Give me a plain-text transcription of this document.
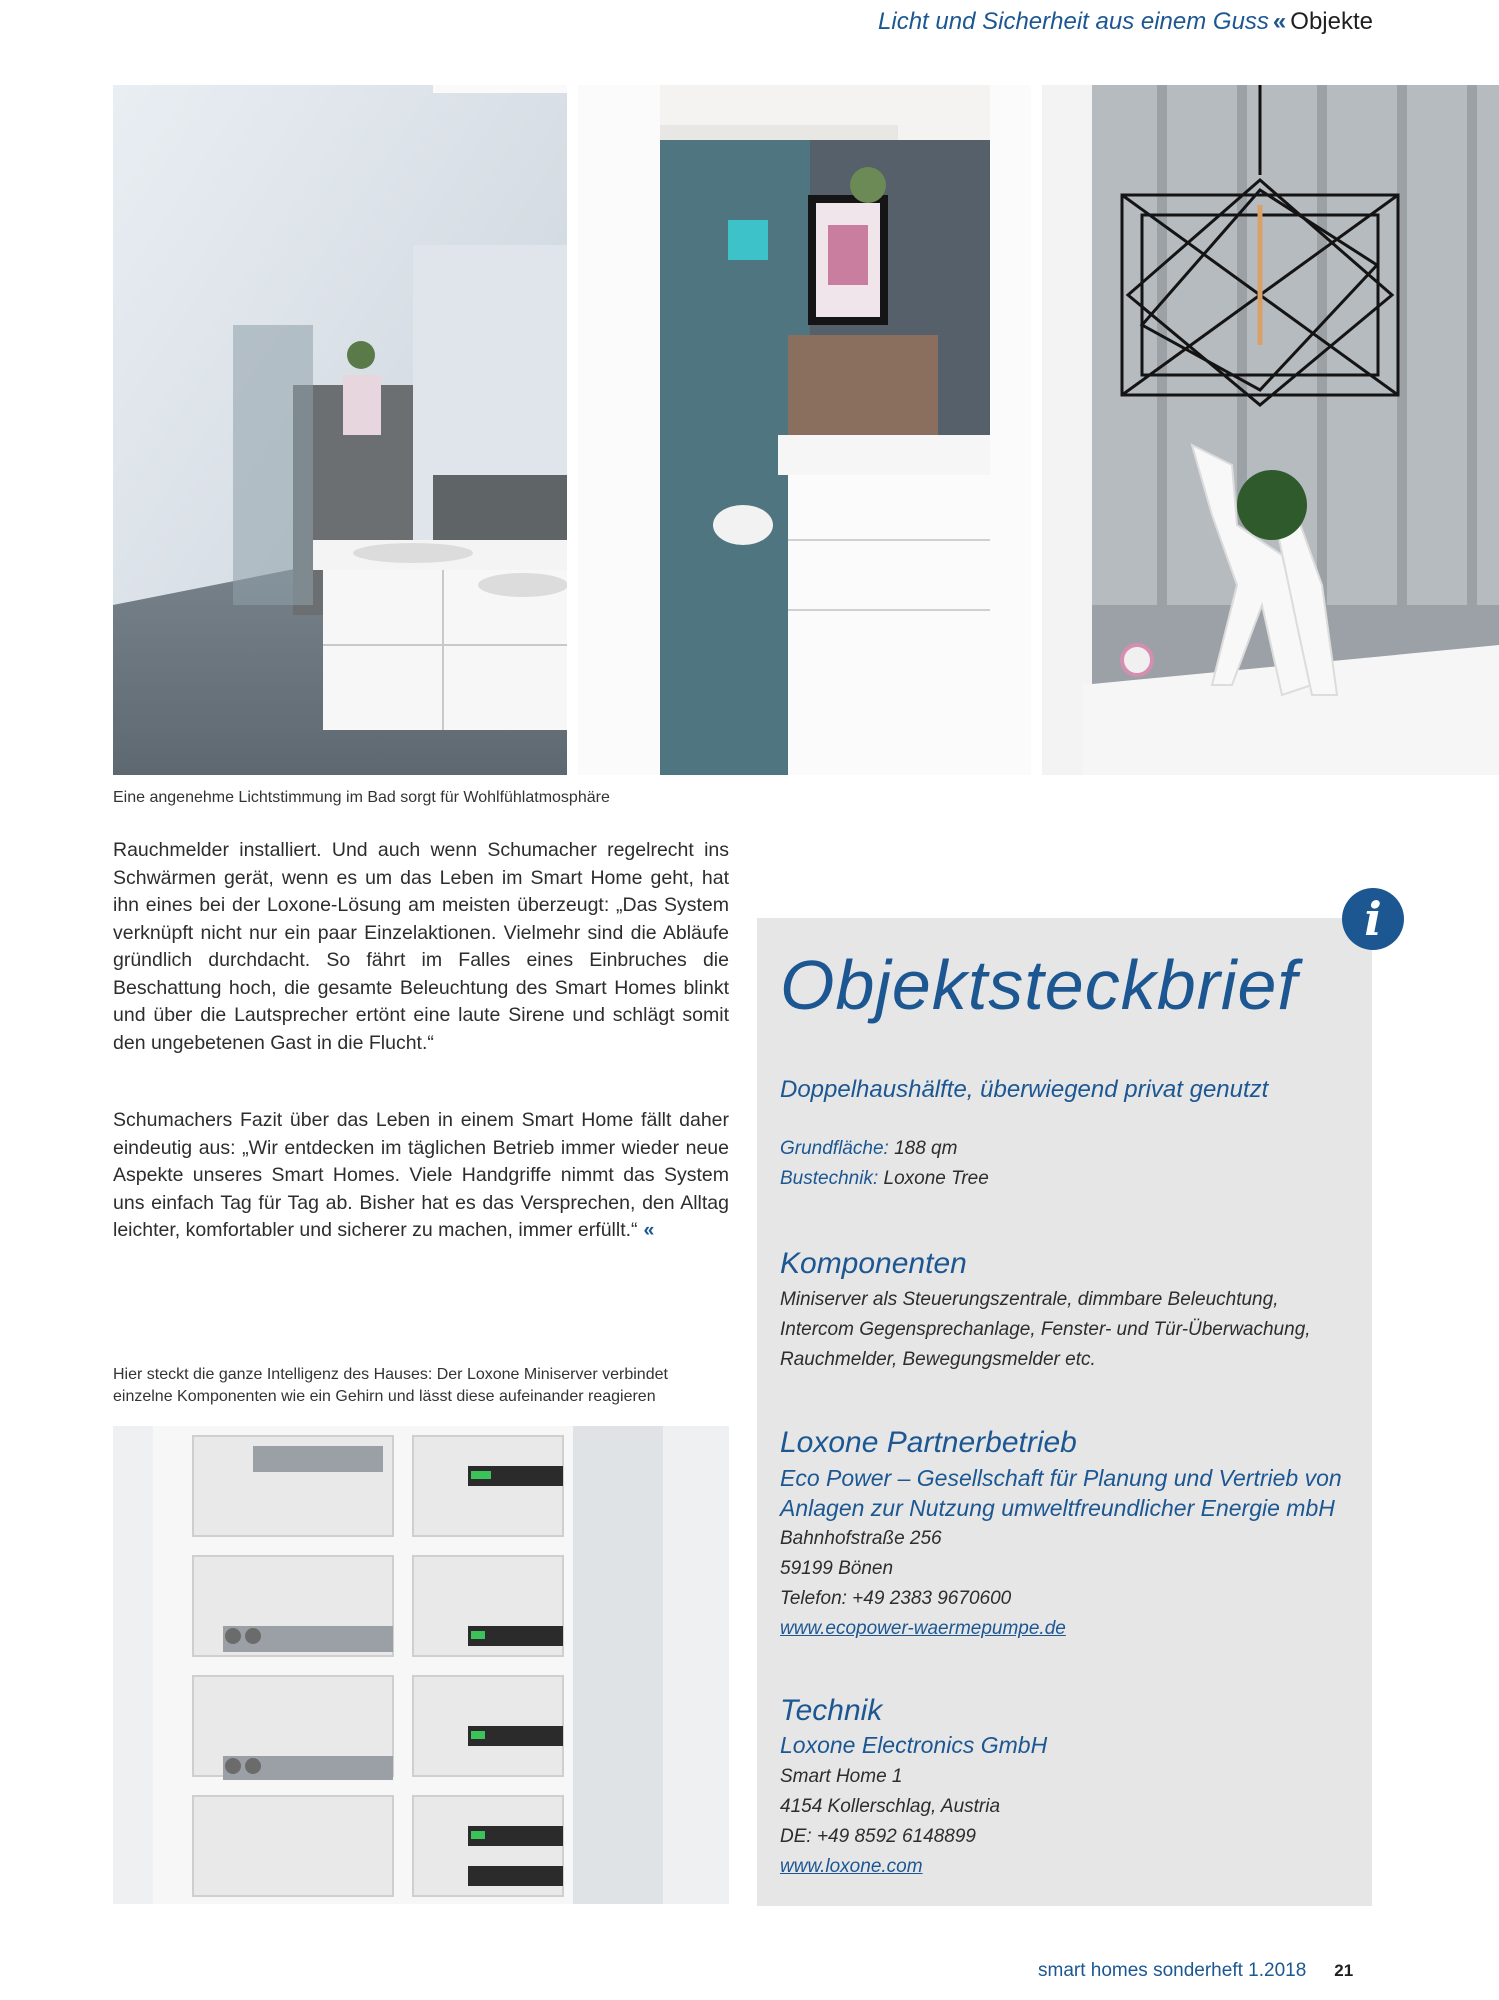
Licht und Sicherheit aus einem Guss « Objekte
Eine angenehme Lichtstimmung im Bad sorgt für Wohlfühlatmosphäre

Rauchmelder installiert. Und auch wenn Schumacher regelrecht ins Schwärmen gerät, wenn es um das Leben im Smart Home geht, hat ihn eines bei der Loxone-Lösung am meisten überzeugt: „Das System verknüpft nicht nur ein paar Einzelaktionen. Vielmehr sind die Abläufe gründlich durchdacht. So fährt im Falles eines Einbruches die Beschattung hoch, die gesamte Beleuchtung des Smart Homes blinkt und über die Lautsprecher ertönt eine laute Sirene und schlägt somit den ungebetenen Gast in die Flucht.“

Schumachers Fazit über das Leben in einem Smart Home fällt daher eindeutig aus: „Wir entdecken im täglichen Betrieb immer wieder neue Aspekte unseres Smart Homes. Viele Handgriffe nimmt das System uns einfach Tag für Tag ab. Bisher hat es das Versprechen, den Alltag leichter, komfortabler und sicherer zu machen, immer erfüllt.“ «

Hier steckt die ganze Intelligenz des Hauses: Der Loxone Miniserver verbindet
einzelne Komponenten wie ein Gehirn und lässt diese aufeinander reagieren
i
Objektsteckbrief
Doppelhaushälfte, überwiegend privat genutzt
Grundfläche: 188 qm
Bustechnik: Loxone Tree
Komponenten
Miniserver als Steuerungszentrale, dimmbare Beleuchtung,
Intercom Gegensprechanlage, Fenster- und Tür-Überwachung,
Rauchmelder, Bewegungsmelder etc.
Loxone Partnerbetrieb
Eco Power – Gesellschaft für Planung und Vertrieb von
Anlagen zur Nutzung umweltfreundlicher Energie mbH
Bahnhofstraße 256
59199 Bönen
Telefon: +49 2383 9670600
www.ecopower-waermepumpe.de
Technik
Loxone Electronics GmbH
Smart Home 1
4154 Kollerschlag, Austria
DE: +49 8592 6148899
www.loxone.com
smart homes sonderheft 1.2018 21
